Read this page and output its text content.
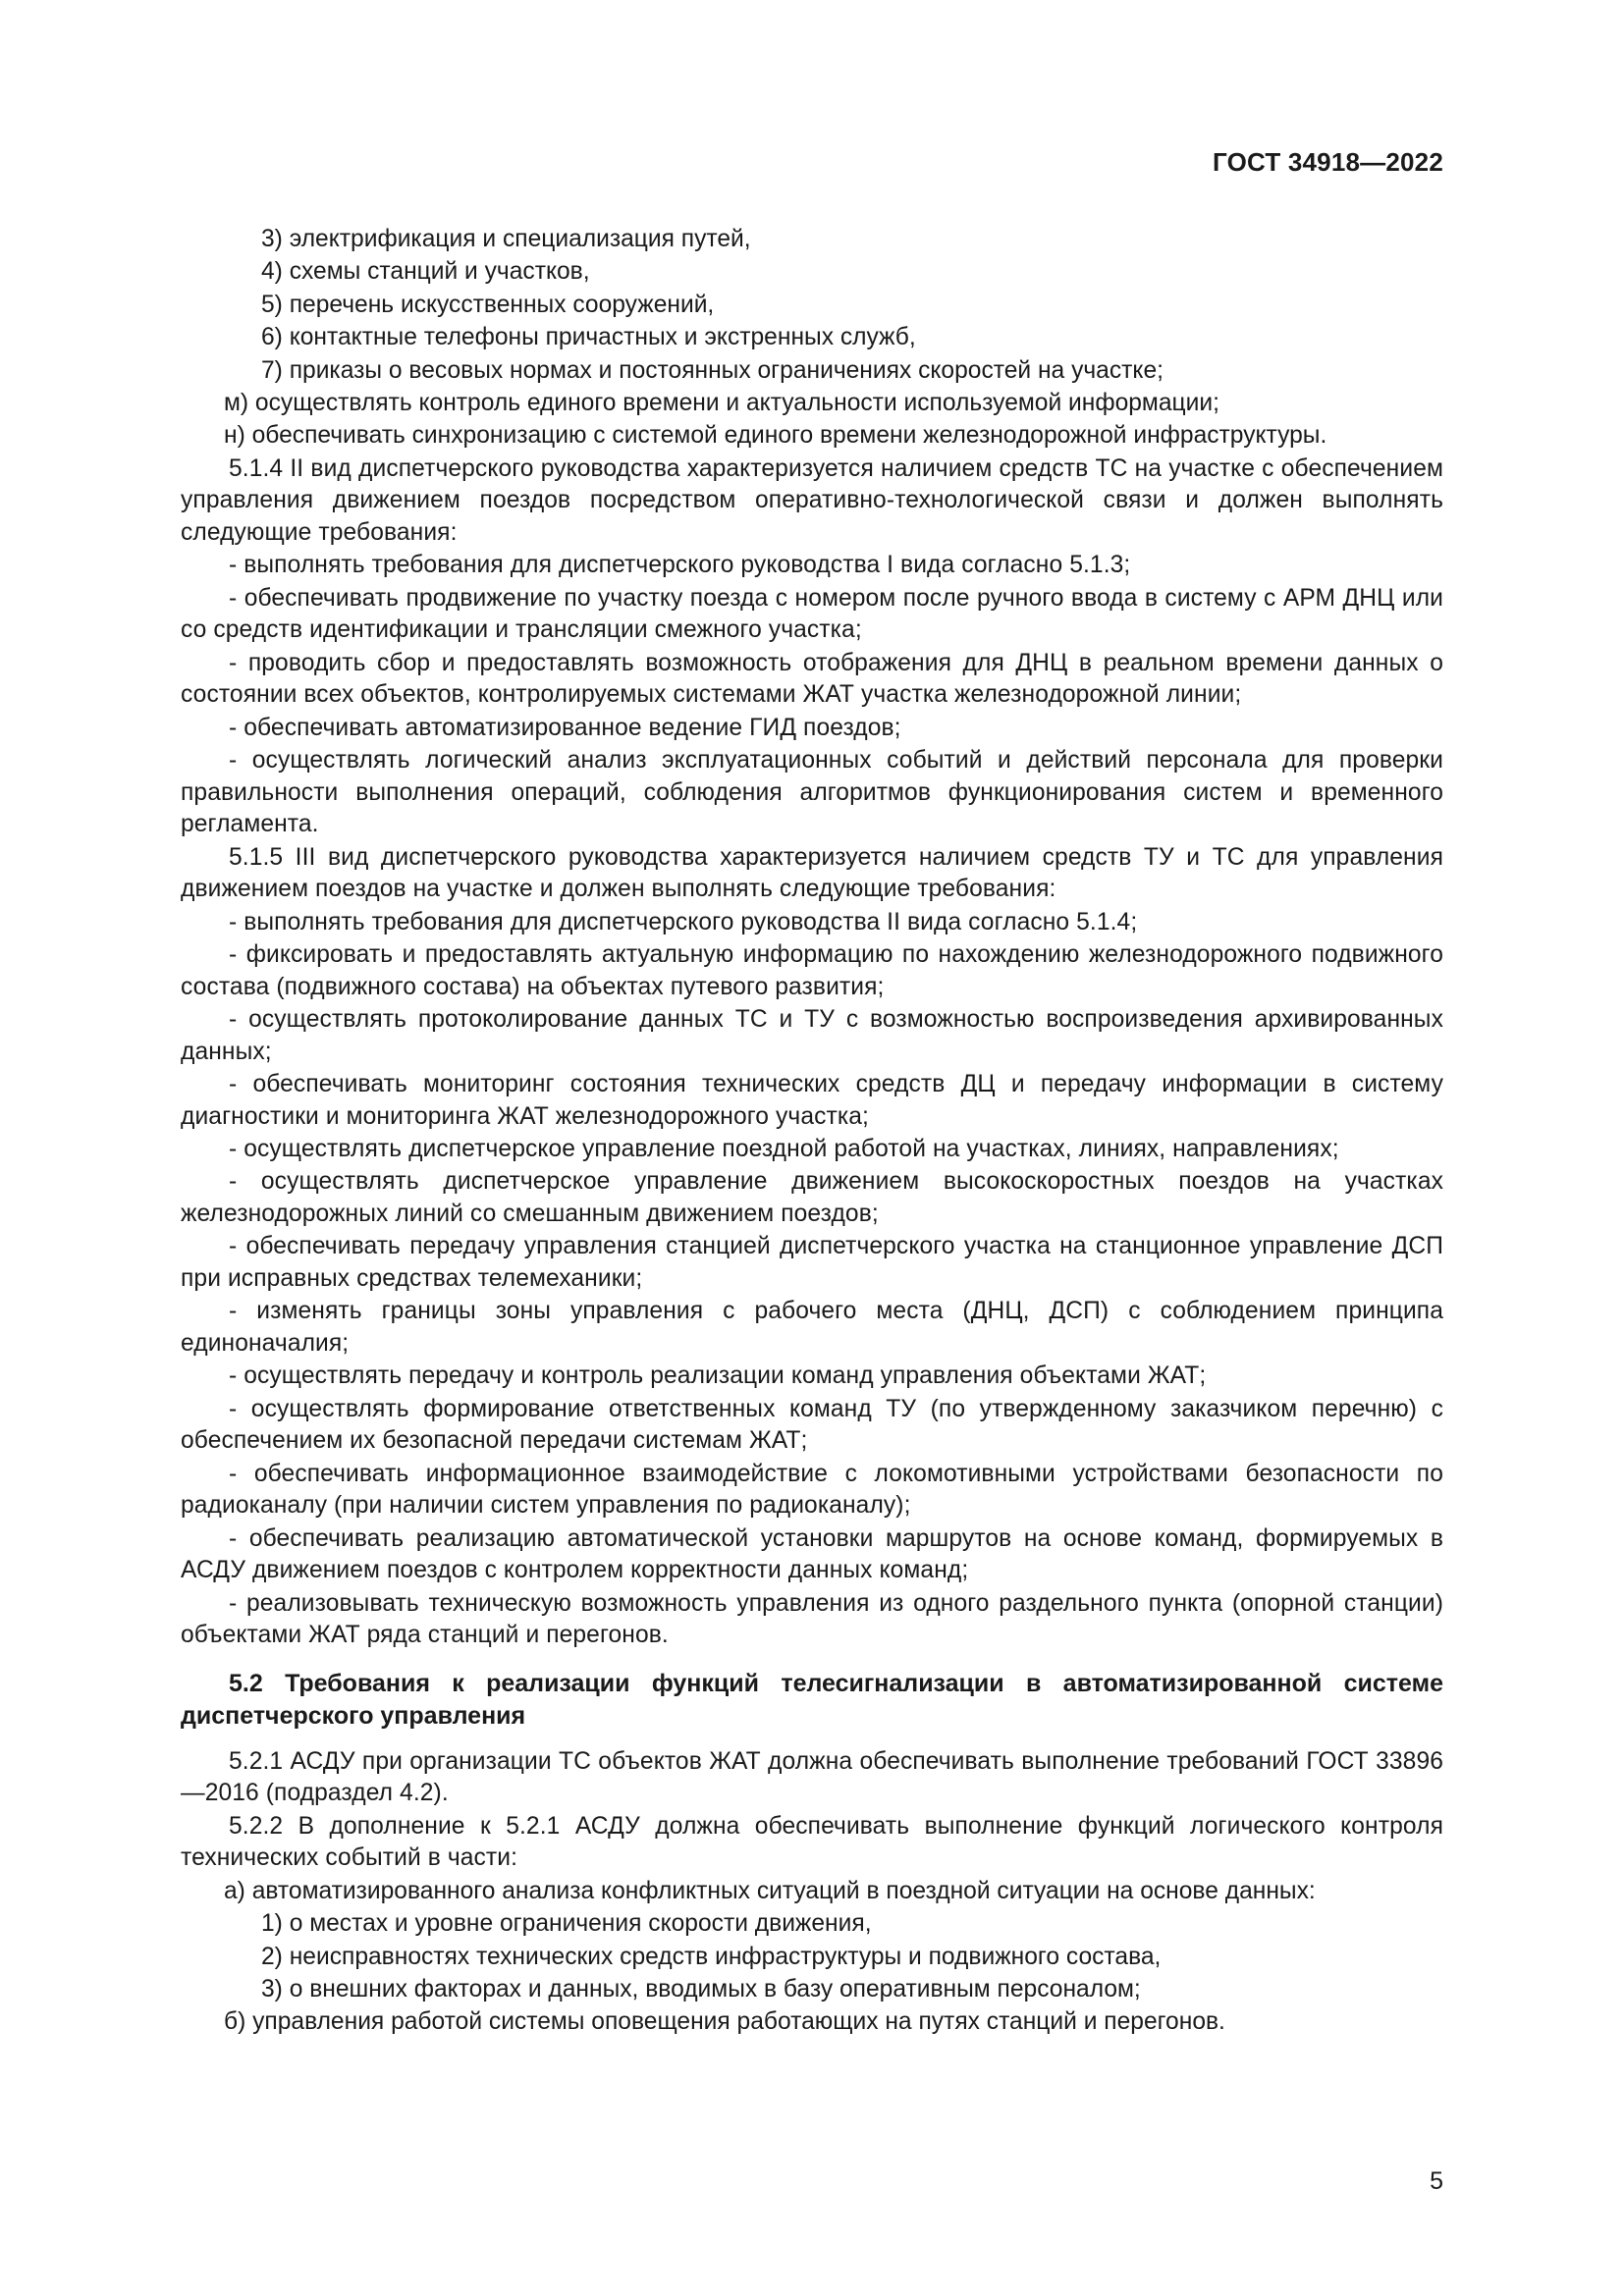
ГОСТ 34918—2022
3) электрификация и специализация путей,
4) схемы станций и участков,
5) перечень искусственных сооружений,
6) контактные телефоны причастных и экстренных служб,
7) приказы о весовых нормах и постоянных ограничениях скоростей на участке;
м) осуществлять контроль единого времени и актуальности используемой информации;
н) обеспечивать синхронизацию с системой единого времени железнодорожной инфраструктуры.
5.1.4 II вид диспетчерского руководства характеризуется наличием средств ТС на участке с обеспечением управления движением поездов посредством оперативно-технологической связи и должен выполнять следующие требования:
- выполнять требования для диспетчерского руководства I вида согласно 5.1.3;
- обеспечивать продвижение по участку поезда с номером после ручного ввода в систему с АРМ ДНЦ или со средств идентификации и трансляции смежного участка;
- проводить сбор и предоставлять возможность отображения для ДНЦ в реальном времени данных о состоянии всех объектов, контролируемых системами ЖАТ участка железнодорожной линии;
- обеспечивать автоматизированное ведение ГИД поездов;
- осуществлять логический анализ эксплуатационных событий и действий персонала для проверки правильности выполнения операций, соблюдения алгоритмов функционирования систем и временного регламента.
5.1.5 III вид диспетчерского руководства характеризуется наличием средств ТУ и ТС для управления движением поездов на участке и должен выполнять следующие требования:
- выполнять требования для диспетчерского руководства II вида согласно 5.1.4;
- фиксировать и предоставлять актуальную информацию по нахождению железнодорожного подвижного состава (подвижного состава) на объектах путевого развития;
- осуществлять протоколирование данных ТС и ТУ с возможностью воспроизведения архивированных данных;
- обеспечивать мониторинг состояния технических средств ДЦ и передачу информации в систему диагностики и мониторинга ЖАТ железнодорожного участка;
- осуществлять диспетчерское управление поездной работой на участках, линиях, направлениях;
- осуществлять диспетчерское управление движением высокоскоростных поездов на участках железнодорожных линий со смешанным движением поездов;
- обеспечивать передачу управления станцией диспетчерского участка на станционное управление ДСП при исправных средствах телемеханики;
- изменять границы зоны управления с рабочего места (ДНЦ, ДСП) с соблюдением принципа единоначалия;
- осуществлять передачу и контроль реализации команд управления объектами ЖАТ;
- осуществлять формирование ответственных команд ТУ (по утвержденному заказчиком перечню) с обеспечением их безопасной передачи системам ЖАТ;
- обеспечивать информационное взаимодействие с локомотивными устройствами безопасности по радиоканалу (при наличии систем управления по радиоканалу);
- обеспечивать реализацию автоматической установки маршрутов на основе команд, формируемых в АСДУ движением поездов с контролем корректности данных команд;
- реализовывать техническую возможность управления из одного раздельного пункта (опорной станции) объектами ЖАТ ряда станций и перегонов.
5.2 Требования к реализации функций телесигнализации в автоматизированной системе диспетчерского управления
5.2.1 АСДУ при организации ТС объектов ЖАТ должна обеспечивать выполнение требований ГОСТ 33896—2016 (подраздел 4.2).
5.2.2 В дополнение к 5.2.1 АСДУ должна обеспечивать выполнение функций логического контроля технических событий в части:
а) автоматизированного анализа конфликтных ситуаций в поездной ситуации на основе данных:
1) о местах и уровне ограничения скорости движения,
2) неисправностях технических средств инфраструктуры и подвижного состава,
3) о внешних факторах и данных, вводимых в базу оперативным персоналом;
б) управления работой системы оповещения работающих на путях станций и перегонов.
5
